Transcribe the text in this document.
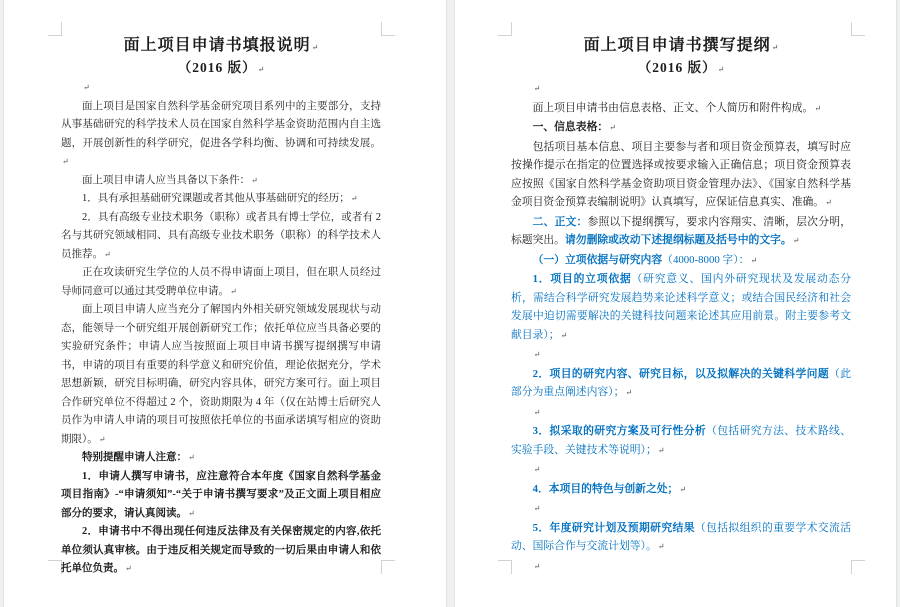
面上项目申请书填报说明↵
（2016 版）↵
↵
面上项目是国家自然科学基金研究项目系列中的主要部分，支持从事基础研究的科学技术人员在国家自然科学基金资助范围内自主选题，开展创新性的科学研究，促进各学科均衡、协调和可持续发展。↵
面上项目申请人应当具备以下条件：↵
1．具有承担基础研究课题或者其他从事基础研究的经历；↵
2．具有高级专业技术职务（职称）或者具有博士学位，或者有 2 名与其研究领域相同、具有高级专业技术职务（职称）的科学技术人员推荐。↵
正在攻读研究生学位的人员不得申请面上项目，但在职人员经过导师同意可以通过其受聘单位申请。↵
面上项目申请人应当充分了解国内外相关研究领域发展现状与动态，能领导一个研究组开展创新研究工作；依托单位应当具备必要的实验研究条件；申请人应当按照面上项目申请书撰写提纲撰写申请书，申请的项目有重要的科学意义和研究价值，理论依据充分，学术思想新颖，研究目标明确，研究内容具体，研究方案可行。面上项目合作研究单位不得超过 2 个，资助期限为 4 年（仅在站博士后研究人员作为申请人申请的项目可按照依托单位的书面承诺填写相应的资助期限）。↵
特别提醒申请人注意：↵
1．申请人撰写申请书，应注意符合本年度《国家自然科学基金项目指南》-“申请须知”-“关于申请书撰写要求”及正文面上项目相应部分的要求，请认真阅读。↵
2．申请书中不得出现任何违反法律及有关保密规定的内容,依托单位须认真审核。由于违反相关规定而导致的一切后果由申请人和依托单位负责。↵
面上项目申请书撰写提纲↵
（2016 版）↵
↵
面上项目申请书由信息表格、正文、个人简历和附件构成。↵
一、信息表格：↵
包括项目基本信息、项目主要参与者和项目资金预算表，填写时应按操作提示在指定的位置选择或按要求输入正确信息；项目资金预算表应按照《国家自然科学基金资助项目资金管理办法》、《国家自然科学基金项目资金预算表编制说明》认真填写，应保证信息真实、准确。↵
二、正文：参照以下提纲撰写，要求内容翔实、清晰，层次分明，标题突出。请勿删除或改动下述提纲标题及括号中的文字。↵
（一）立项依据与研究内容（4000-8000 字）：↵
1．项目的立项依据（研究意义、国内外研究现状及发展动态分析，需结合科学研究发展趋势来论述科学意义；或结合国民经济和社会发展中迫切需要解决的关键科技问题来论述其应用前景。附主要参考文献目录）；↵
↵
2．项目的研究内容、研究目标，以及拟解决的关键科学问题（此部分为重点阐述内容）；↵
↵
3．拟采取的研究方案及可行性分析（包括研究方法、技术路线、实验手段、关键技术等说明）；↵
↵
4．本项目的特色与创新之处；↵
↵
5．年度研究计划及预期研究结果（包括拟组织的重要学术交流活动、国际合作与交流计划等）。↵
↵
